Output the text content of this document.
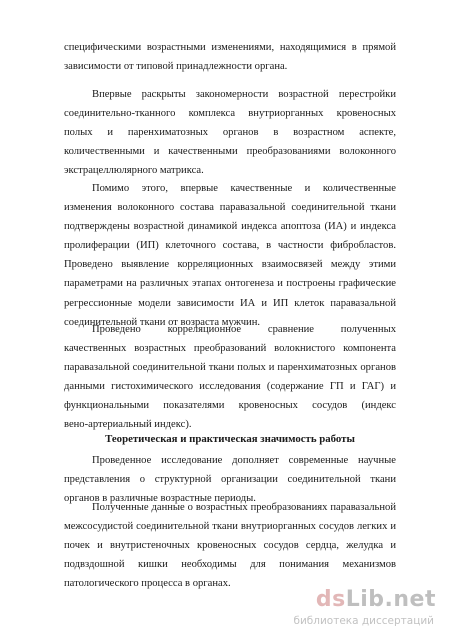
специфическими возрастными изменениями, находящимися в прямой
зависимости от типовой принадлежности органа.
Впервые раскрыты закономерности возрастной перестройки
соединительно-тканного комплекса внутриорганных кровеносных
полых и паренхиматозных органов в возрастном аспекте,
количественными и качественными преобразованиями волоконного
экстрацеллюлярного матрикса.
Помимо этого, впервые качественные и количественные
изменения волоконного состава паравазальной соединительной ткани
подтверждены возрастной динамикой индекса апоптоза (ИА) и индекса
пролиферации (ИП) клеточного состава, в частности фибробластов.
Проведено выявление корреляционных взаимосвязей между этими
параметрами на различных этапах онтогенеза и построены графические
регрессионные модели зависимости ИА и ИП клеток паравазальной
соединительной ткани от возраста мужчин.
Проведено корреляционное сравнение полученных
качественных возрастных преобразований волокнистого компонента
паравазальной соединительной ткани полых и паренхиматозных органов
данными гистохимического исследования (содержание ГП и ГАГ) и
функциональными показателями кровеносных сосудов (индекс
вено-артериальный индекс).
Теоретическая и практическая значимость работы
Проведенное исследование дополняет современные научные
представления о структурной организации соединительной ткани
органов в различные возрастные периоды.
Полученные данные о возрастных преобразованиях паравазальной
межсосудистой соединительной ткани внутриорганных сосудов легких и
почек и внутристеночных кровеносных сосудов сердца, желудка и
подвздошной кишки необходимы для понимания механизмов
патологического процесса в органах.
dsLib.net
библиотека диссертаций
